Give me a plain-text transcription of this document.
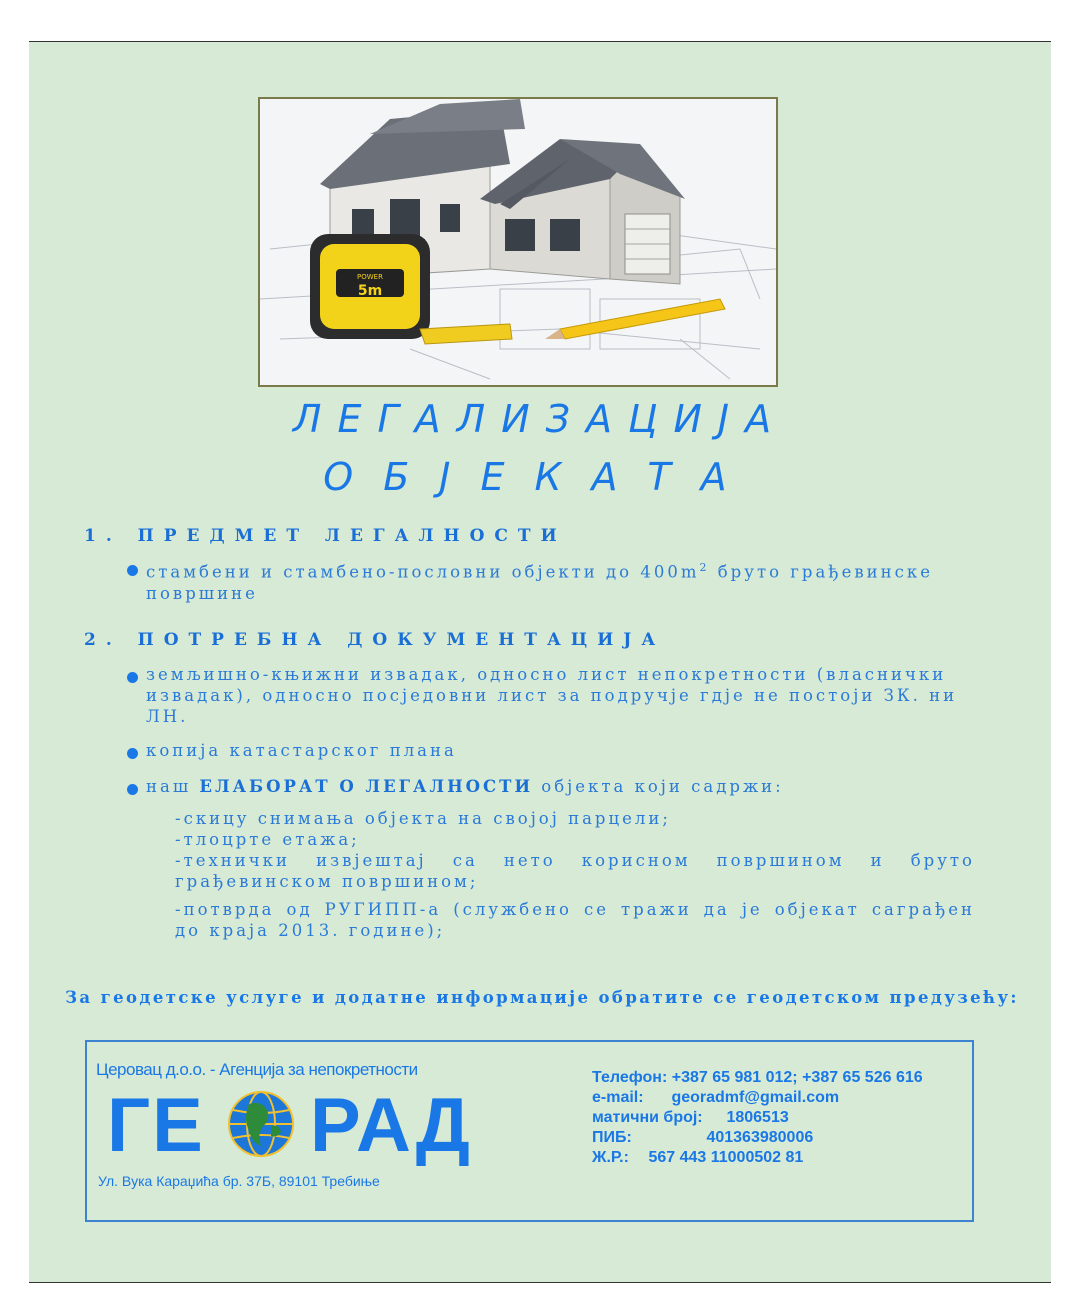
POWER
5m
ЛЕГАЛИЗАЦИЈА
ОБЈЕКАТА
1. ПРЕДМЕТ ЛЕГАЛНОСТИ
стамбени и стамбено-пословни објекти до $400m^2$ бруто грађевинске површине
2. ПОТРЕБНА ДОКУМЕНТАЦИЈА
земљишно-књижни извадак, односно лист непокретности (власнички извадак), односно посједовни лист за подручје гдје не постоји ЗК. ни ЛН.
копија катастарског плана
наш ЕЛАБОРАТ О ЛЕГАЛНОСТИ објекта који садржи:
-скицу снимања објекта на својој парцели;
-тлоцрте етажа;
-технички извјештај са нето корисном површином и бруто грађевинском површином;
-потврда од РУГИПП-а (службено се тражи да је објекат саграђен до краја 2013. године);
За геодетске услуге и додатне информације обратите се геодетском предузећу:
Церовац д.о.о. - Агенција за непокретности
ГЕ РАД
Ул. Вука Караџића бр. 37Б, 89101 Требиње
Телефон: +387 65 981 012; +387 65 526 616
e-mail: georadmf@gmail.com
матични број: 1806513
ПИБ:	401363980006
Ж.Р.: 567 443 11000502 81
